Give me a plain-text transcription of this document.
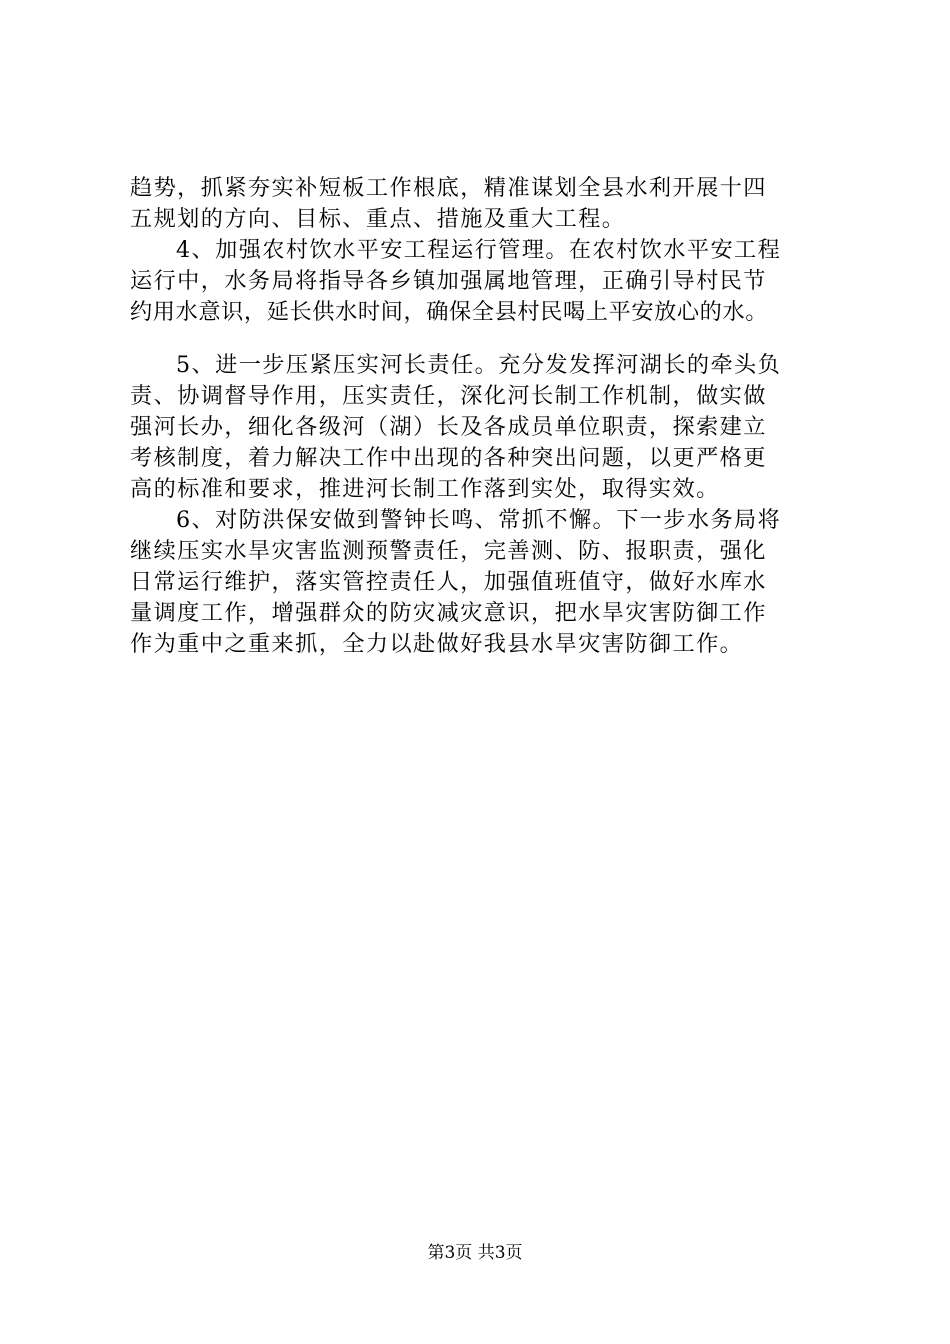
趋势，抓紧夯实补短板工作根底，精准谋划全县水利开展十四
五规划的方向、目标、重点、措施及重大工程。
4、加强农村饮水平安工程运行管理。在农村饮水平安工程
运行中，水务局将指导各乡镇加强属地管理，正确引导村民节
约用水意识，延长供水时间，确保全县村民喝上平安放心的水。
5、进一步压紧压实河长责任。充分发发挥河湖长的牵头负
责、协调督导作用，压实责任，深化河长制工作机制，做实做
强河长办，细化各级河（湖）长及各成员单位职责，探索建立
考核制度，着力解决工作中出现的各种突出问题，以更严格更
高的标准和要求，推进河长制工作落到实处，取得实效。
6、对防洪保安做到警钟长鸣、常抓不懈。下一步水务局将
继续压实水旱灾害监测预警责任，完善测、防、报职责，强化
日常运行维护，落实管控责任人，加强值班值守，做好水库水
量调度工作，增强群众的防灾减灾意识，把水旱灾害防御工作
作为重中之重来抓，全力以赴做好我县水旱灾害防御工作。
第3页 共3页
